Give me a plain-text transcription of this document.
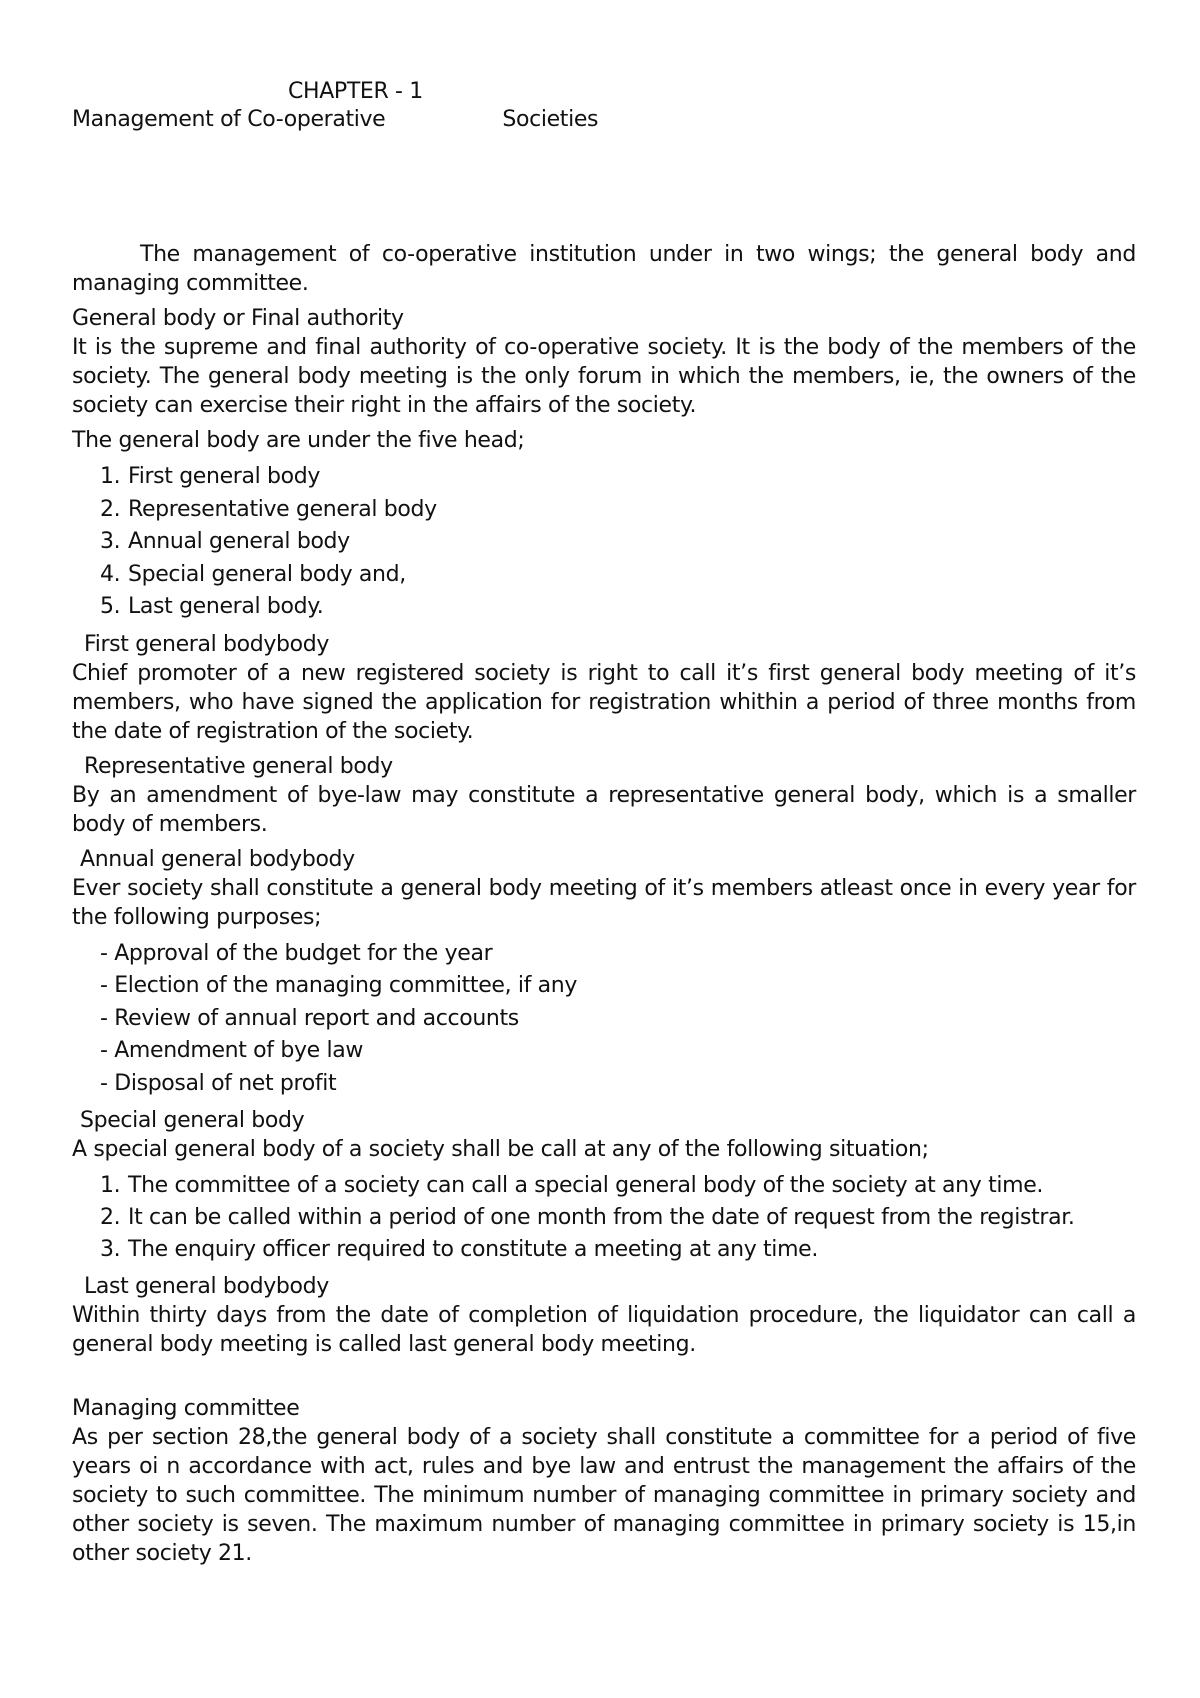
CHAPTER - 1
Management of Co-operative	Societies
The management of co-operative institution under in two wings; the general body and managing committee.
General body or Final authority
It is the supreme and final authority of co-operative society. It is the body of the members of the society. The general body meeting is the only forum in which the members, ie, the owners of the society can exercise their right in the affairs of the society.
The general body are under the five head;
1. First general body
2. Representative general body
3. Annual general body
4. Special general body and,
5. Last general body.
First general bodybody
Chief promoter of a new registered society is right to call it’s first general body meeting of it’s members, who have signed the application for registration whithin a period of three months from the date of registration of the society.
Representative general body
By an amendment of bye-law may constitute a representative general body, which is a smaller body of members.
Annual general bodybody
Ever society shall constitute a general body meeting of it’s members atleast once in every year for the following purposes;
- Approval of the budget for the year
- Election of the managing committee, if any
- Review of annual report and accounts
- Amendment of bye law
- Disposal of net profit
Special general body
A special general body of a society shall be call at any of the following situation;
1. The committee of a society can call a special general body of the society at any time.
2. It can be called within a period of one month from the date of request from the registrar.
3. The enquiry officer required to constitute a meeting at any time.
Last general bodybody
Within thirty days from the date of completion of liquidation procedure, the liquidator can call a general body meeting is called last general body meeting.
Managing committee
As per section 28,the general body of a society shall constitute a committee for a period of five years oi n accordance with act, rules and bye law and entrust the management the affairs of the society to such committee. The minimum number of managing committee in primary society and other society is seven. The maximum number of managing committee in primary society is 15,in other society 21.
